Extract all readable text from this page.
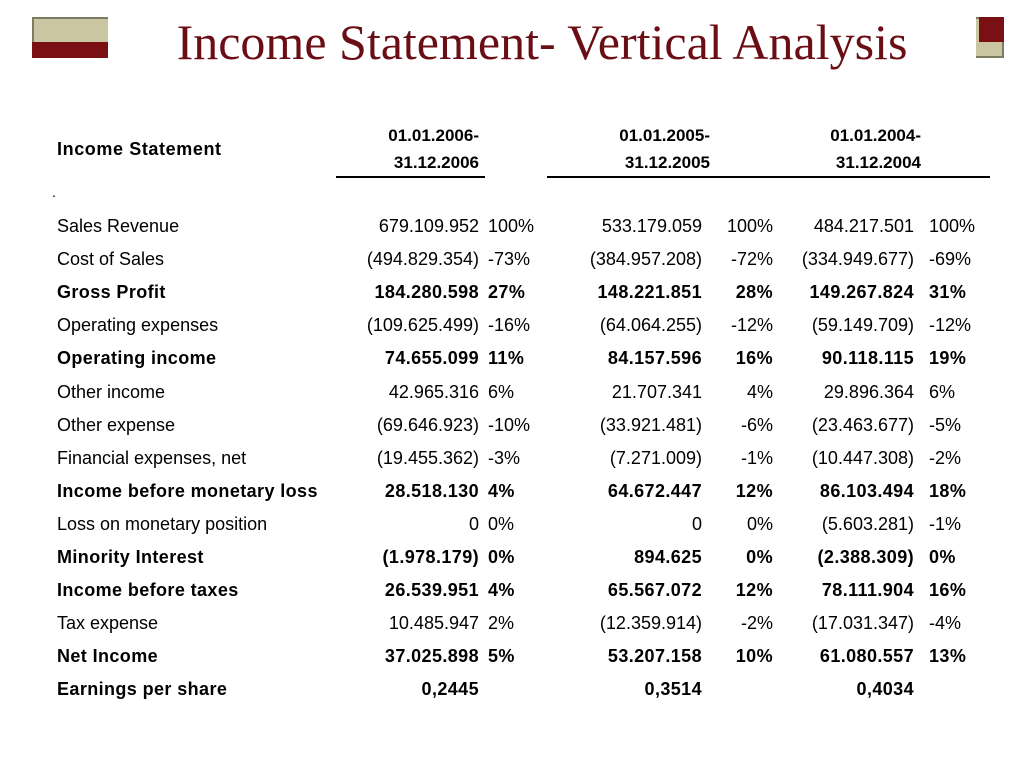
Income Statement- Vertical Analysis
Income Statement
01.01.2006-
31.12.2006
01.01.2005-
31.12.2005
01.01.2004-
31.12.2004
.
Sales Revenue	679.109.952 100%	533.179.059 100% 484.217.501 100%
Cost of Sales	(494.829.354) -73%	(384.957.208) -72% (334.949.677) -69%
Gross Profit	184.280.598 27%	148.221.851 28% 149.267.824 31%
Operating expenses	(109.625.499) -16%	(64.064.255) -12% (59.149.709) -12%
Operating income	74.655.099 11%	84.157.596 16%	90.118.115 19%
Other income	42.965.316 6%	21.707.341 4%	29.896.364 6%
Other expense	(69.646.923) -10%	(33.921.481) -6% (23.463.677) -5%
Financial expenses, net	(19.455.362) -3%	(7.271.009) -1% (10.447.308) -2%
Income before monetary loss	28.518.130 4%	64.672.447 12%	86.103.494 18%
Loss on monetary position	0 0%	0 0%	(5.603.281) -1%
Minority Interest	(1.978.179) 0%	894.625 0% (2.388.309) 0%
Income before taxes	26.539.951 4%	65.567.072 12%	78.111.904 16%
Tax expense	10.485.947 2%	(12.359.914) -2% (17.031.347) -4%
Net Income	37.025.898 5%	53.207.158 10%	61.080.557 13%
Earnings per share	0,2445	0,3514	0,4034
